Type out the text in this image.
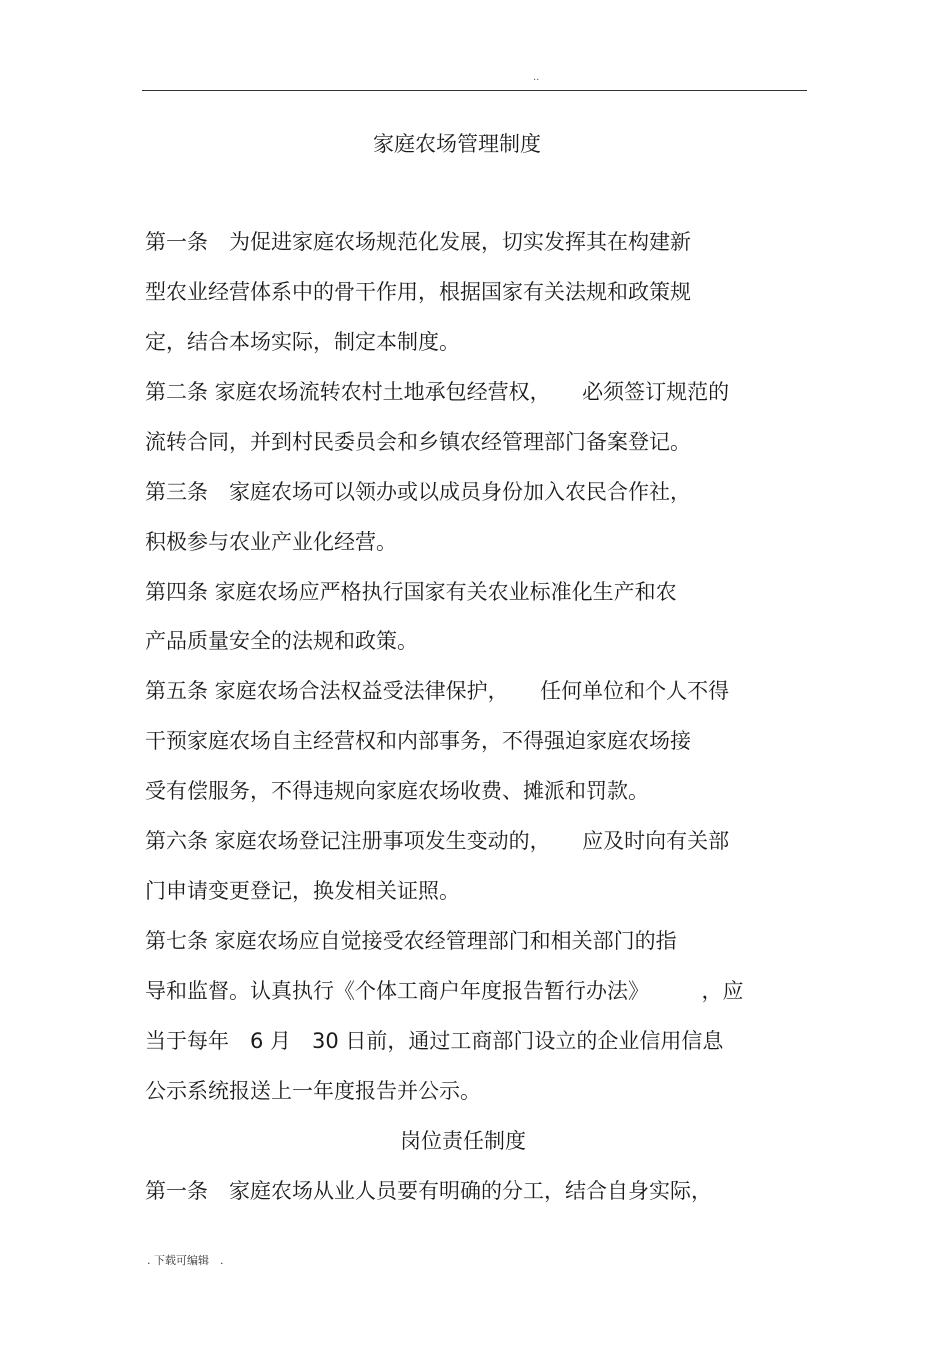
..
家庭农场管理制度
第一条　为促进家庭农场规范化发展，切实发挥其在构建新
型农业经营体系中的骨干作用，根据国家有关法规和政策规
定，结合本场实际，制定本制度。
第二条 家庭农场流转农村土地承包经营权，　　必须签订规范的
流转合同，并到村民委员会和乡镇农经管理部门备案登记。
第三条　家庭农场可以领办或以成员身份加入农民合作社，
积极参与农业产业化经营。
第四条 家庭农场应严格执行国家有关农业标准化生产和农
产品质量安全的法规和政策。
第五条 家庭农场合法权益受法律保护，　　任何单位和个人不得
干预家庭农场自主经营权和内部事务，不得强迫家庭农场接
受有偿服务，不得违规向家庭农场收费、摊派和罚款。
第六条 家庭农场登记注册事项发生变动的，　　应及时向有关部
门申请变更登记，换发相关证照。
第七条 家庭农场应自觉接受农经管理部门和相关部门的指
导和监督。认真执行《个体工商户年度报告暂行办法》　　　，应
当于每年　6 月　30 日前，通过工商部门设立的企业信用信息
公示系统报送上一年度报告并公示。
岗位责任制度
第一条　家庭农场从业人员要有明确的分工，结合自身实际，
. 下载可编辑　.
